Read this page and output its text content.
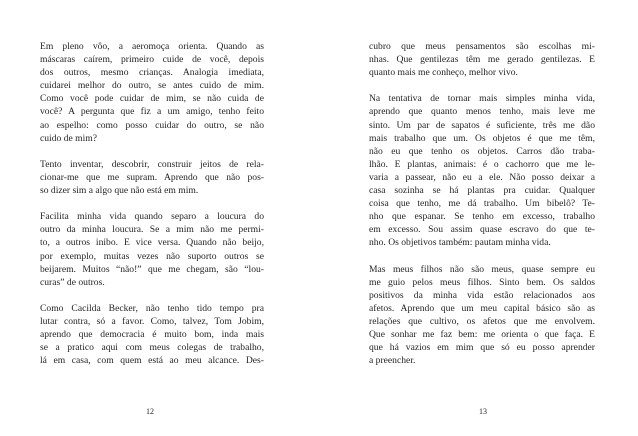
Em pleno vôo, a aeromoça orienta. Quando as
máscaras caírem, primeiro cuide de você, depois
dos outros, mesmo crianças. Analogia imediata,
cuidarei melhor do outro, se antes cuido de mim.
Como você pode cuidar de mim, se não cuida de
você? A pergunta que fiz a um amigo, tenho feito
ao espelho: como posso cuidar do outro, se não
cuido de mim?
Tento inventar, descobrir, construir jeitos de rela-
cionar-me que me supram. Aprendo que não pos-
so dizer sim a algo que não está em mim.
Facilita minha vida quando separo a loucura do
outro da minha loucura. Se a mim não me permi-
to, a outros inibo. E vice versa. Quando não beijo,
por exemplo, muitas vezes não suporto outros se
beijarem. Muitos “não!” que me chegam, são “lou-
curas” de outros.
Como Cacilda Becker, não tenho tido tempo pra
lutar contra, só a favor. Como, talvez, Tom Jobim,
aprendo que democracia é muito bom, inda mais
se a pratico aqui com meus colegas de trabalho,
lá em casa, com quem está ao meu alcance. Des-
12
cubro que meus pensamentos são escolhas mi-
nhas. Que gentilezas têm me gerado gentilezas. E
quanto mais me conheço, melhor vivo.
Na tentativa de tornar mais simples minha vida,
aprendo que quanto menos tenho, mais leve me
sinto. Um par de sapatos é suficiente, três me dão
mais trabalho que um. Os objetos é que me têm,
não eu que tenho os objetos. Carros dão traba-
lhão. E plantas, animais: é o cachorro que me le-
varia a passear, não eu a ele. Não posso deixar a
casa sozinha se há plantas pra cuidar. Qualquer
coisa que tenho, me dá trabalho. Um bibelô? Te-
nho que espanar. Se tenho em excesso, trabalho
em excesso. Sou assim quase escravo do que te-
nho. Os objetivos também: pautam minha vida.
Mas meus filhos não são meus, quase sempre eu
me guio pelos meus filhos. Sinto bem. Os saldos
positivos da minha vida estão relacionados aos
afetos. Aprendo que um meu capital básico são as
relações que cultivo, os afetos que me envolvem.
Que sonhar me faz bem: me orienta o que faça. E
que há vazios em mim que só eu posso aprender
a preencher.
13
